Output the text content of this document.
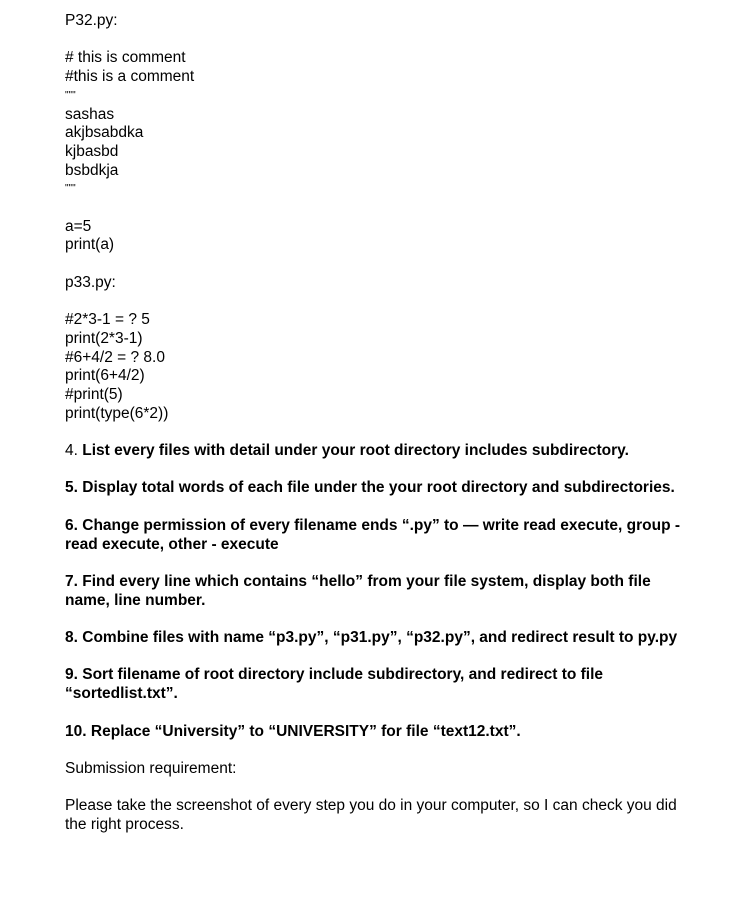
P32.py:
# this is comment
#this is a comment
"""
sashas
akjbsabdka
kjbasbd
bsbdkja
"""
a=5
print(a)
p33.py:
#2*3-1 = ? 5
print(2*3-1)
#6+4/2 = ? 8.0
print(6+4/2)
#print(5)
print(type(6*2))
4. List every files with detail under your root directory includes subdirectory.
5. Display total words of each file under the your root directory and subdirectories.
6. Change permission of every filename ends “.py” to — write read execute, group - read execute, other - execute
7. Find every line which contains “hello” from your file system, display both file name, line number.
8. Combine files with name “p3.py”, “p31.py”, “p32.py”, and redirect result to py.py
9. Sort filename of root directory include subdirectory, and redirect to file “sortedlist.txt”.
10. Replace “University” to “UNIVERSITY” for file “text12.txt”.
Submission requirement:
Please take the screenshot of every step you do in your computer, so I can check you did the right process.
